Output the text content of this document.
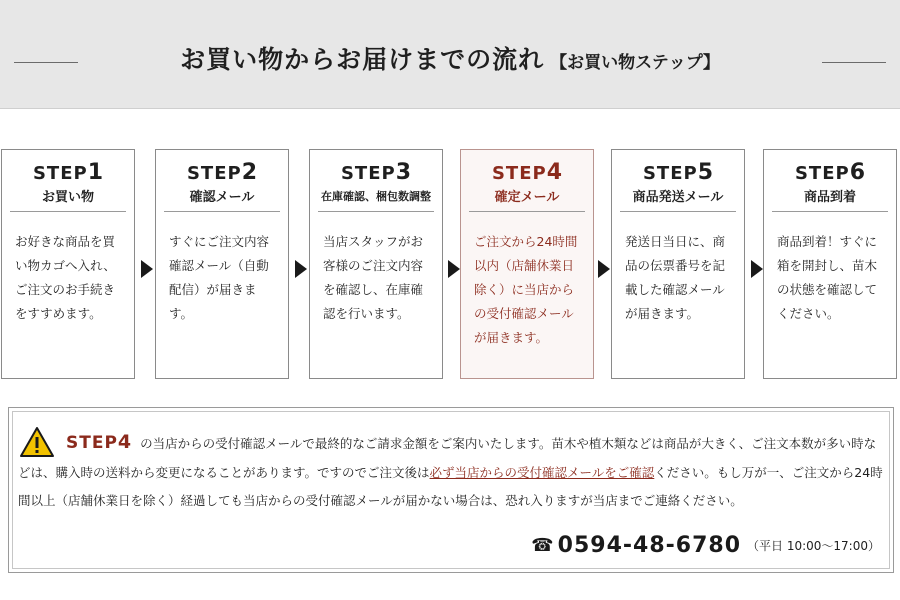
お買い物からお届けまでの流れ 【お買い物ステップ】
STEP1
お買い物
お好きな商品を買い物カゴへ入れ、ご注文のお手続きをすすめます。
STEP2
確認メール
すぐにご注文内容確認メール（自動配信）が届きます。
STEP3
在庫確認、梱包数調整
当店スタッフがお客様のご注文内容を確認し、在庫確認を行います。
STEP4
確定メール
ご注文から24時間以内（店舗休業日除く）に当店からの受付確認メールが届きます。
STEP5
商品発送メール
発送日当日に、商品の伝票番号を記載した確認メールが届きます。
STEP6
商品到着
商品到着！すぐに箱を開封し、苗木の状態を確認してください。
STEP4 の当店からの受付確認メールで最終的なご請求金額をご案内いたします。苗木や植木類などは商品が大きく、ご注文本数が多い時などは、購入時の送料から変更になることがあります。ですのでご注文後は必ず当店からの受付確認メールをご確認ください。もし万が一、ご注文から24時間以上（店舗休業日を除く）経過しても当店からの受付確認メールが届かない場合は、恐れ入りますが当店までご連絡ください。
☎ 0594-48-6780 （平日 10:00〜17:00）
